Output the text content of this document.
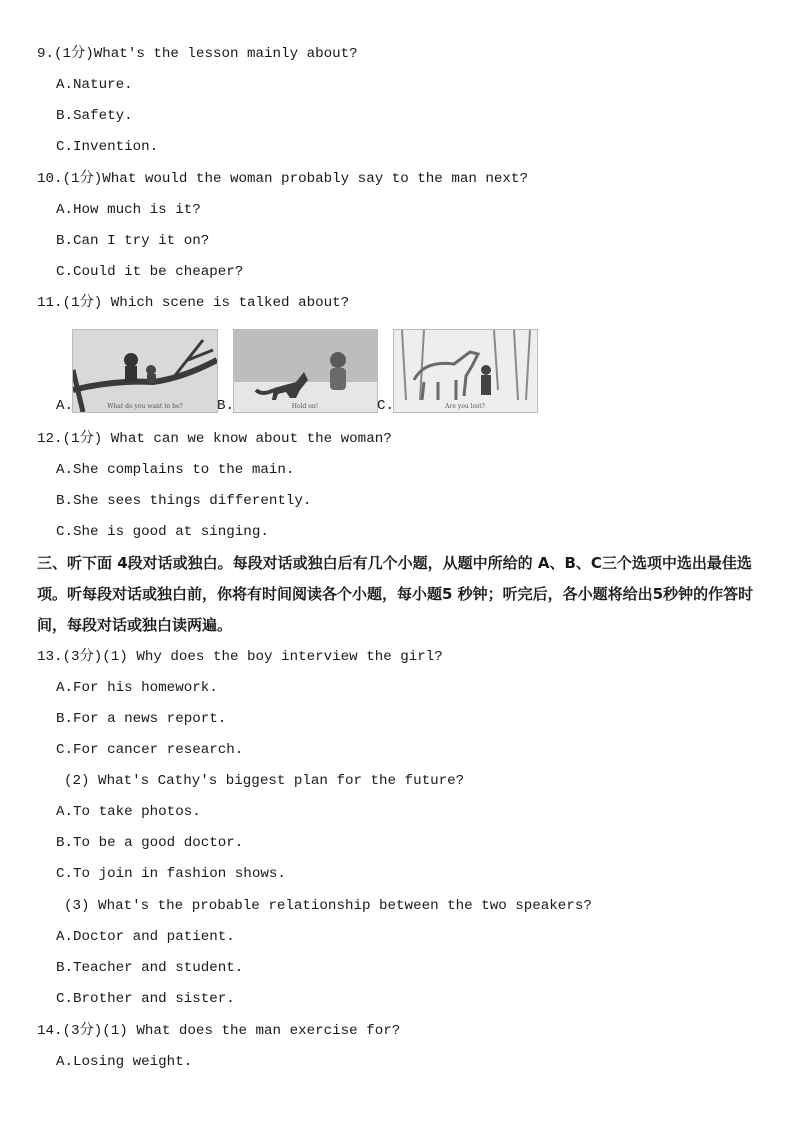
9.(1分)What's the lesson mainly about?
A.Nature.
B.Safety.
C.Invention.
10.(1分)What would the woman probably say to the man next?
A.How much is it?
B.Can I try it on?
C.Could it be cheaper?
11.(1分) Which scene is talked about?
A.	What do you want to be? B.	Hold on!	C.	Are you lost?
12.(1分) What can we know about the woman?
A.She complains to the main.
B.She sees things differently.
C.She is good at singing.
三、听下面 4段对话或独白。每段对话或独白后有几个小题，从题中所给的 A、B、C三个选项中选出最佳选项。听每段对话或独白前，你将有时间阅读各个小题，每小题5 秒钟；听完后，各小题将给出5秒钟的作答时间，每段对话或独白读两遍。
13.(3分)(1) Why does the boy interview the girl?
A.For his homework.
B.For a news report.
C.For cancer research.
(2) What's Cathy's biggest plan for the future?
A.To take photos.
B.To be a good doctor.
C.To join in fashion shows.
(3) What's the probable relationship between the two speakers?
A.Doctor and patient.
B.Teacher and student.
C.Brother and sister.
14.(3分)(1) What does the man exercise for?
A.Losing weight.
